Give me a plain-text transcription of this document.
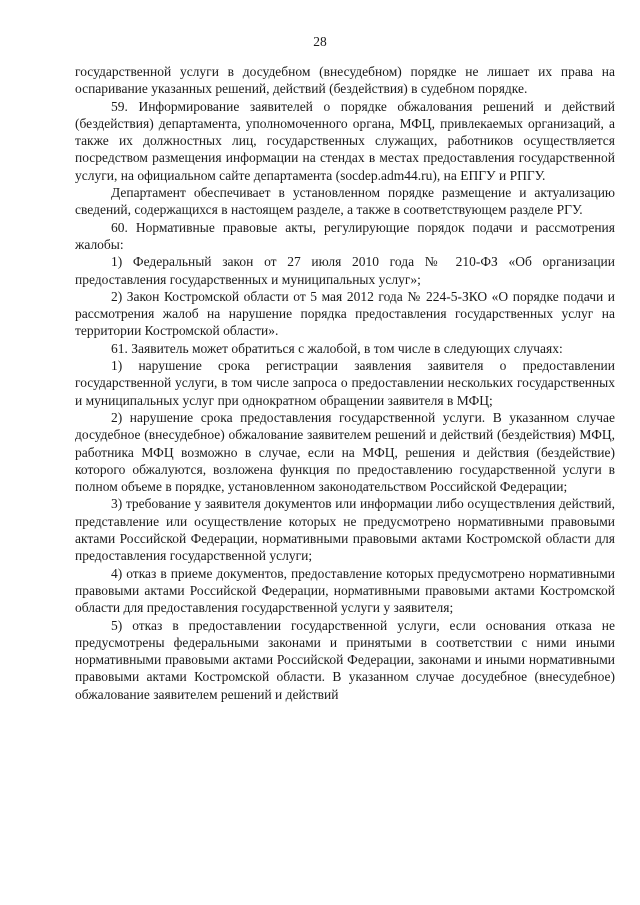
28

государственной услуги в досудебном (внесудебном) порядке не лишает их права на оспаривание указанных решений, действий (бездействия) в судебном порядке.

59. Информирование заявителей о порядке обжалования решений и действий (бездействия) департамента, уполномоченного органа, МФЦ, привлекаемых организаций, а также их должностных лиц, государственных служащих, работников осуществляется посредством размещения информации на стендах в местах предоставления государственной услуги, на официальном сайте департамента (socdep.adm44.ru), на ЕПГУ и РПГУ.

Департамент обеспечивает в установленном порядке размещение и актуализацию сведений, содержащихся в настоящем разделе, а также в соответствующем разделе РГУ.

60. Нормативные правовые акты, регулирующие порядок подачи и рассмотрения жалобы:

1) Федеральный закон от 27 июля 2010 года № 210-ФЗ «Об организации предоставления государственных и муниципальных услуг»;

2) Закон Костромской области от 5 мая 2012 года № 224-5-ЗКО «О порядке подачи и рассмотрения жалоб на нарушение порядка предоставления государственных услуг на территории Костромской области».

61. Заявитель может обратиться с жалобой, в том числе в следующих случаях:

1) нарушение срока регистрации заявления заявителя о предоставлении государственной услуги, в том числе запроса о предоставлении нескольких государственных и муниципальных услуг при однократном обращении заявителя в МФЦ;

2) нарушение срока предоставления государственной услуги. В указанном случае досудебное (внесудебное) обжалование заявителем решений и действий (бездействия) МФЦ, работника МФЦ возможно в случае, если на МФЦ, решения и действия (бездействие) которого обжалуются, возложена функция по предоставлению государственной услуги в полном объеме в порядке, установленном законодательством Российской Федерации;

3) требование у заявителя документов или информации либо осуществления действий, представление или осуществление которых не предусмотрено нормативными правовыми актами Российской Федерации, нормативными правовыми актами Костромской области для предоставления государственной услуги;

4) отказ в приеме документов, предоставление которых предусмотрено нормативными правовыми актами Российской Федерации, нормативными правовыми актами Костромской области для предоставления государственной услуги у заявителя;

5) отказ в предоставлении государственной услуги, если основания отказа не предусмотрены федеральными законами и принятыми в соответствии с ними иными нормативными правовыми актами Российской Федерации, законами и иными нормативными правовыми актами Костромской области. В указанном случае досудебное (внесудебное) обжалование заявителем решений и действий
